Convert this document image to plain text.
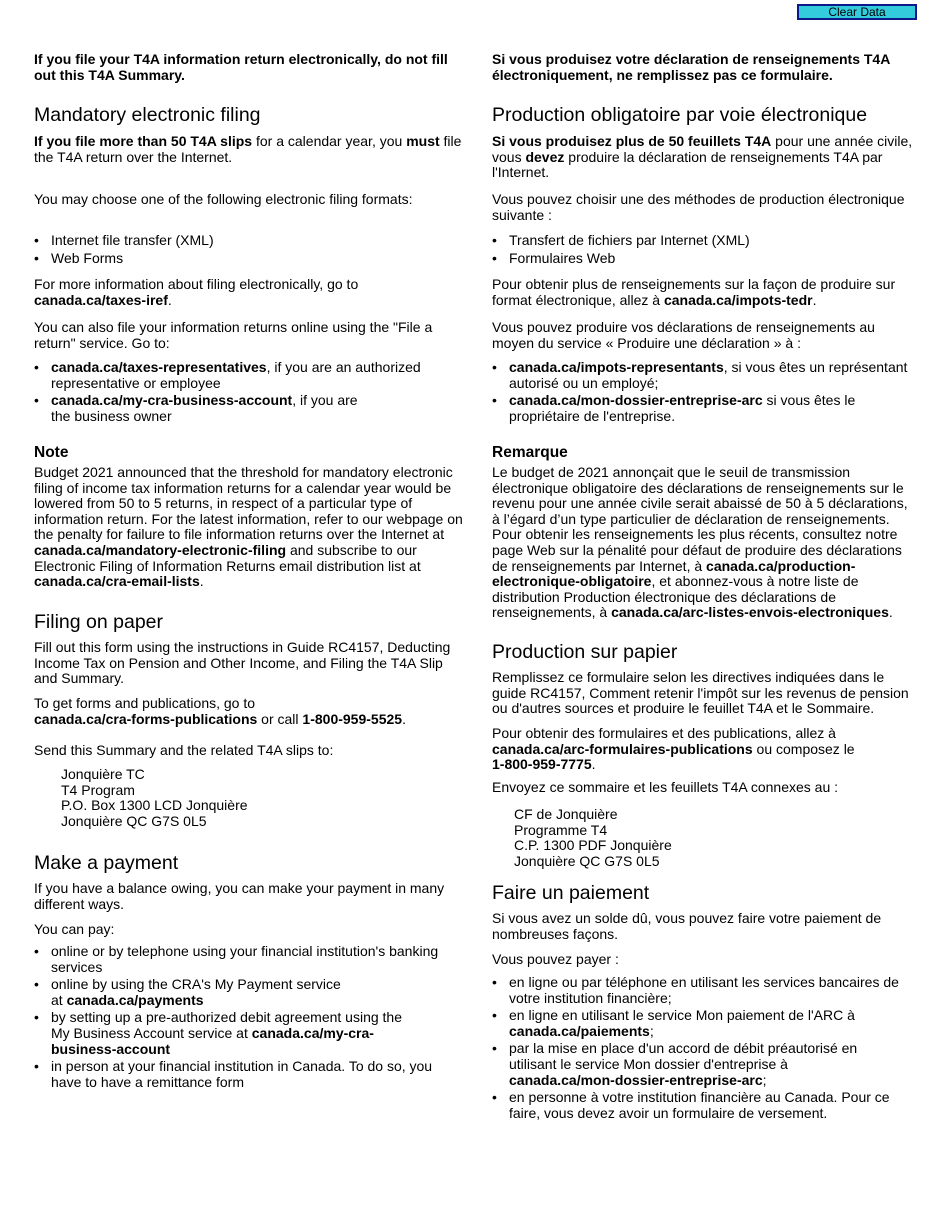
Clear Data

If you file your T4A information return electronically, do not fill out this T4A Summary.

Mandatory electronic filing

If you file more than 50 T4A slips for a calendar year, you must file the T4A return over the Internet.

You may choose one of the following electronic filing formats:

• Internet file transfer (XML)
• Web Forms

For more information about filing electronically, go to canada.ca/taxes-iref.

You can also file your information returns online using the "File a return" service. Go to:

• canada.ca/taxes-representatives, if you are an authorized representative or employee
• canada.ca/my-cra-business-account, if you are the business owner
Note

Budget 2021 announced that the threshold for mandatory electronic filing of income tax information returns for a calendar year would be lowered from 50 to 5 returns, in respect of a particular type of information return. For the latest information, refer to our webpage on the penalty for failure to file information returns over the Internet at canada.ca/mandatory-electronic-filing and subscribe to our Electronic Filing of Information Returns email distribution list at canada.ca/cra-email-lists.

Filing on paper

Fill out this form using the instructions in Guide RC4157, Deducting Income Tax on Pension and Other Income, and Filing the T4A Slip and Summary.

To get forms and publications, go to
canada.ca/cra-forms-publications or call 1-800-959-5525.

Send this Summary and the related T4A slips to:

Jonquière TC
T4 Program
P.O. Box 1300 LCD Jonquière
Jonquière QC G7S 0L5
Make a payment

If you have a balance owing, you can make your payment in many different ways.

You can pay:

• online or by telephone using your financial institution's banking services
• online by using the CRA's My Payment service at canada.ca/payments
• by setting up a pre-authorized debit agreement using the My Business Account service at canada.ca/my-cra-business-account
• in person at your financial institution in Canada. To do so, you have to have a remittance form

Si vous produisez votre déclaration de renseignements T4A électroniquement, ne remplissez pas ce formulaire.

Production obligatoire par voie électronique

Si vous produisez plus de 50 feuillets T4A pour une année civile, vous devez produire la déclaration de renseignements T4A par l'Internet.

Vous pouvez choisir une des méthodes de production électronique suivante :

• Transfert de fichiers par Internet (XML)
• Formulaires Web

Pour obtenir plus de renseignements sur la façon de produire sur format électronique, allez à canada.ca/impots-tedr.

Vous pouvez produire vos déclarations de renseignements au moyen du service « Produire une déclaration » à :

• canada.ca/impots-representants, si vous êtes un représentant autorisé ou un employé;
• canada.ca/mon-dossier-entreprise-arc si vous êtes le propriétaire de l'entreprise.
Remarque

Le budget de 2021 annonçait que le seuil de transmission électronique obligatoire des déclarations de renseignements sur le revenu pour une année civile serait abaissé de 50 à 5 déclarations, à l’égard d’un type particulier de déclaration de renseignements. Pour obtenir les renseignements les plus récents, consultez notre page Web sur la pénalité pour défaut de produire des déclarations de renseignements par Internet, à canada.ca/production-electronique-obligatoire, et abonnez-vous à notre liste de distribution Production électronique des déclarations de renseignements, à canada.ca/arc-listes-envois-electroniques.

Production sur papier

Remplissez ce formulaire selon les directives indiquées dans le guide RC4157, Comment retenir l'impôt sur les revenus de pension ou d'autres sources et produire le feuillet T4A et le Sommaire.

Pour obtenir des formulaires et des publications, allez à
canada.ca/arc-formulaires-publications ou composez le
1-800-959-7775.

Envoyez ce sommaire et les feuillets T4A connexes au :

CF de Jonquière
Programme T4
C.P. 1300 PDF Jonquière
Jonquière QC G7S 0L5
Faire un paiement

Si vous avez un solde dû, vous pouvez faire votre paiement de nombreuses façons.

Vous pouvez payer :

• en ligne ou par téléphone en utilisant les services bancaires de votre institution financière;
• en ligne en utilisant le service Mon paiement de l'ARC à canada.ca/paiements;
• par la mise en place d'un accord de débit préautorisé en utilisant le service Mon dossier d'entreprise à canada.ca/mon-dossier-entreprise-arc;
• en personne à votre institution financière au Canada. Pour ce faire, vous devez avoir un formulaire de versement.
